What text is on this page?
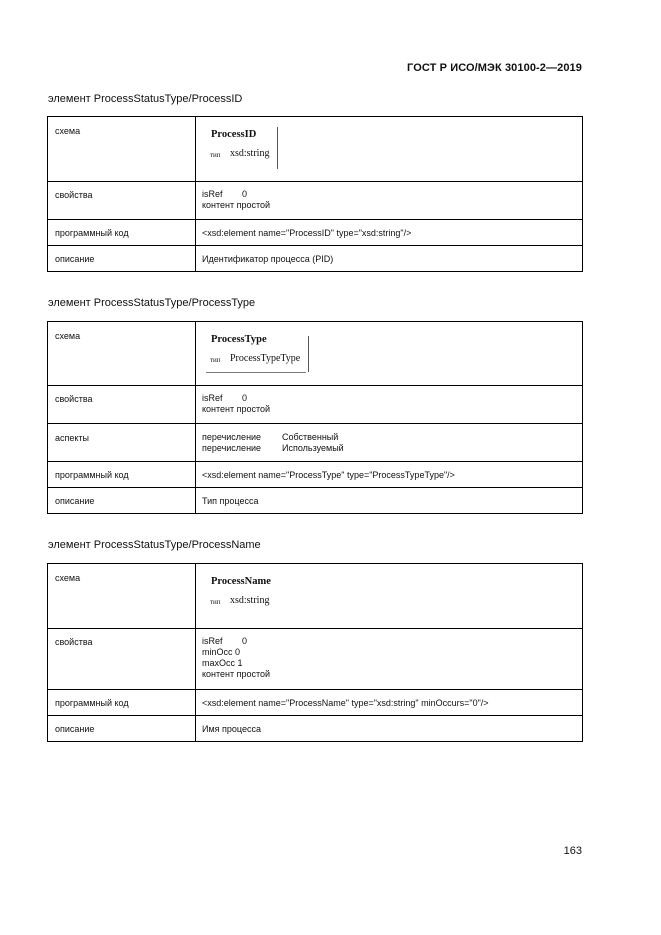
ГОСТ Р ИСО/МЭК 30100-2—2019
элемент ProcessStatusType/ProcessID
схема	ProcessID
тип xsd:string

свойства	isRef 0
контент простой

программный код	<xsd:element name="ProcessID" type="xsd:string"/>
описание	Идентификатор процесса (PID)
элемент ProcessStatusType/ProcessType
схема	ProcessType
тип ProcessTypeType

свойства	isRef 0
контент простой

аспекты	перечисление Собственный
перечисление Используемый

программный код	<xsd:element name="ProcessType" type="ProcessTypeType"/>
описание	Тип процесса
элемент ProcessStatusType/ProcessName
схема	ProcessName
тип xsd:string

свойства	isRef 0
minOcc 0
maxOcc 1
контент простой

программный код	<xsd:element name="ProcessName" type="xsd:string" minOccurs="0"/>
описание	Имя процесса
163
